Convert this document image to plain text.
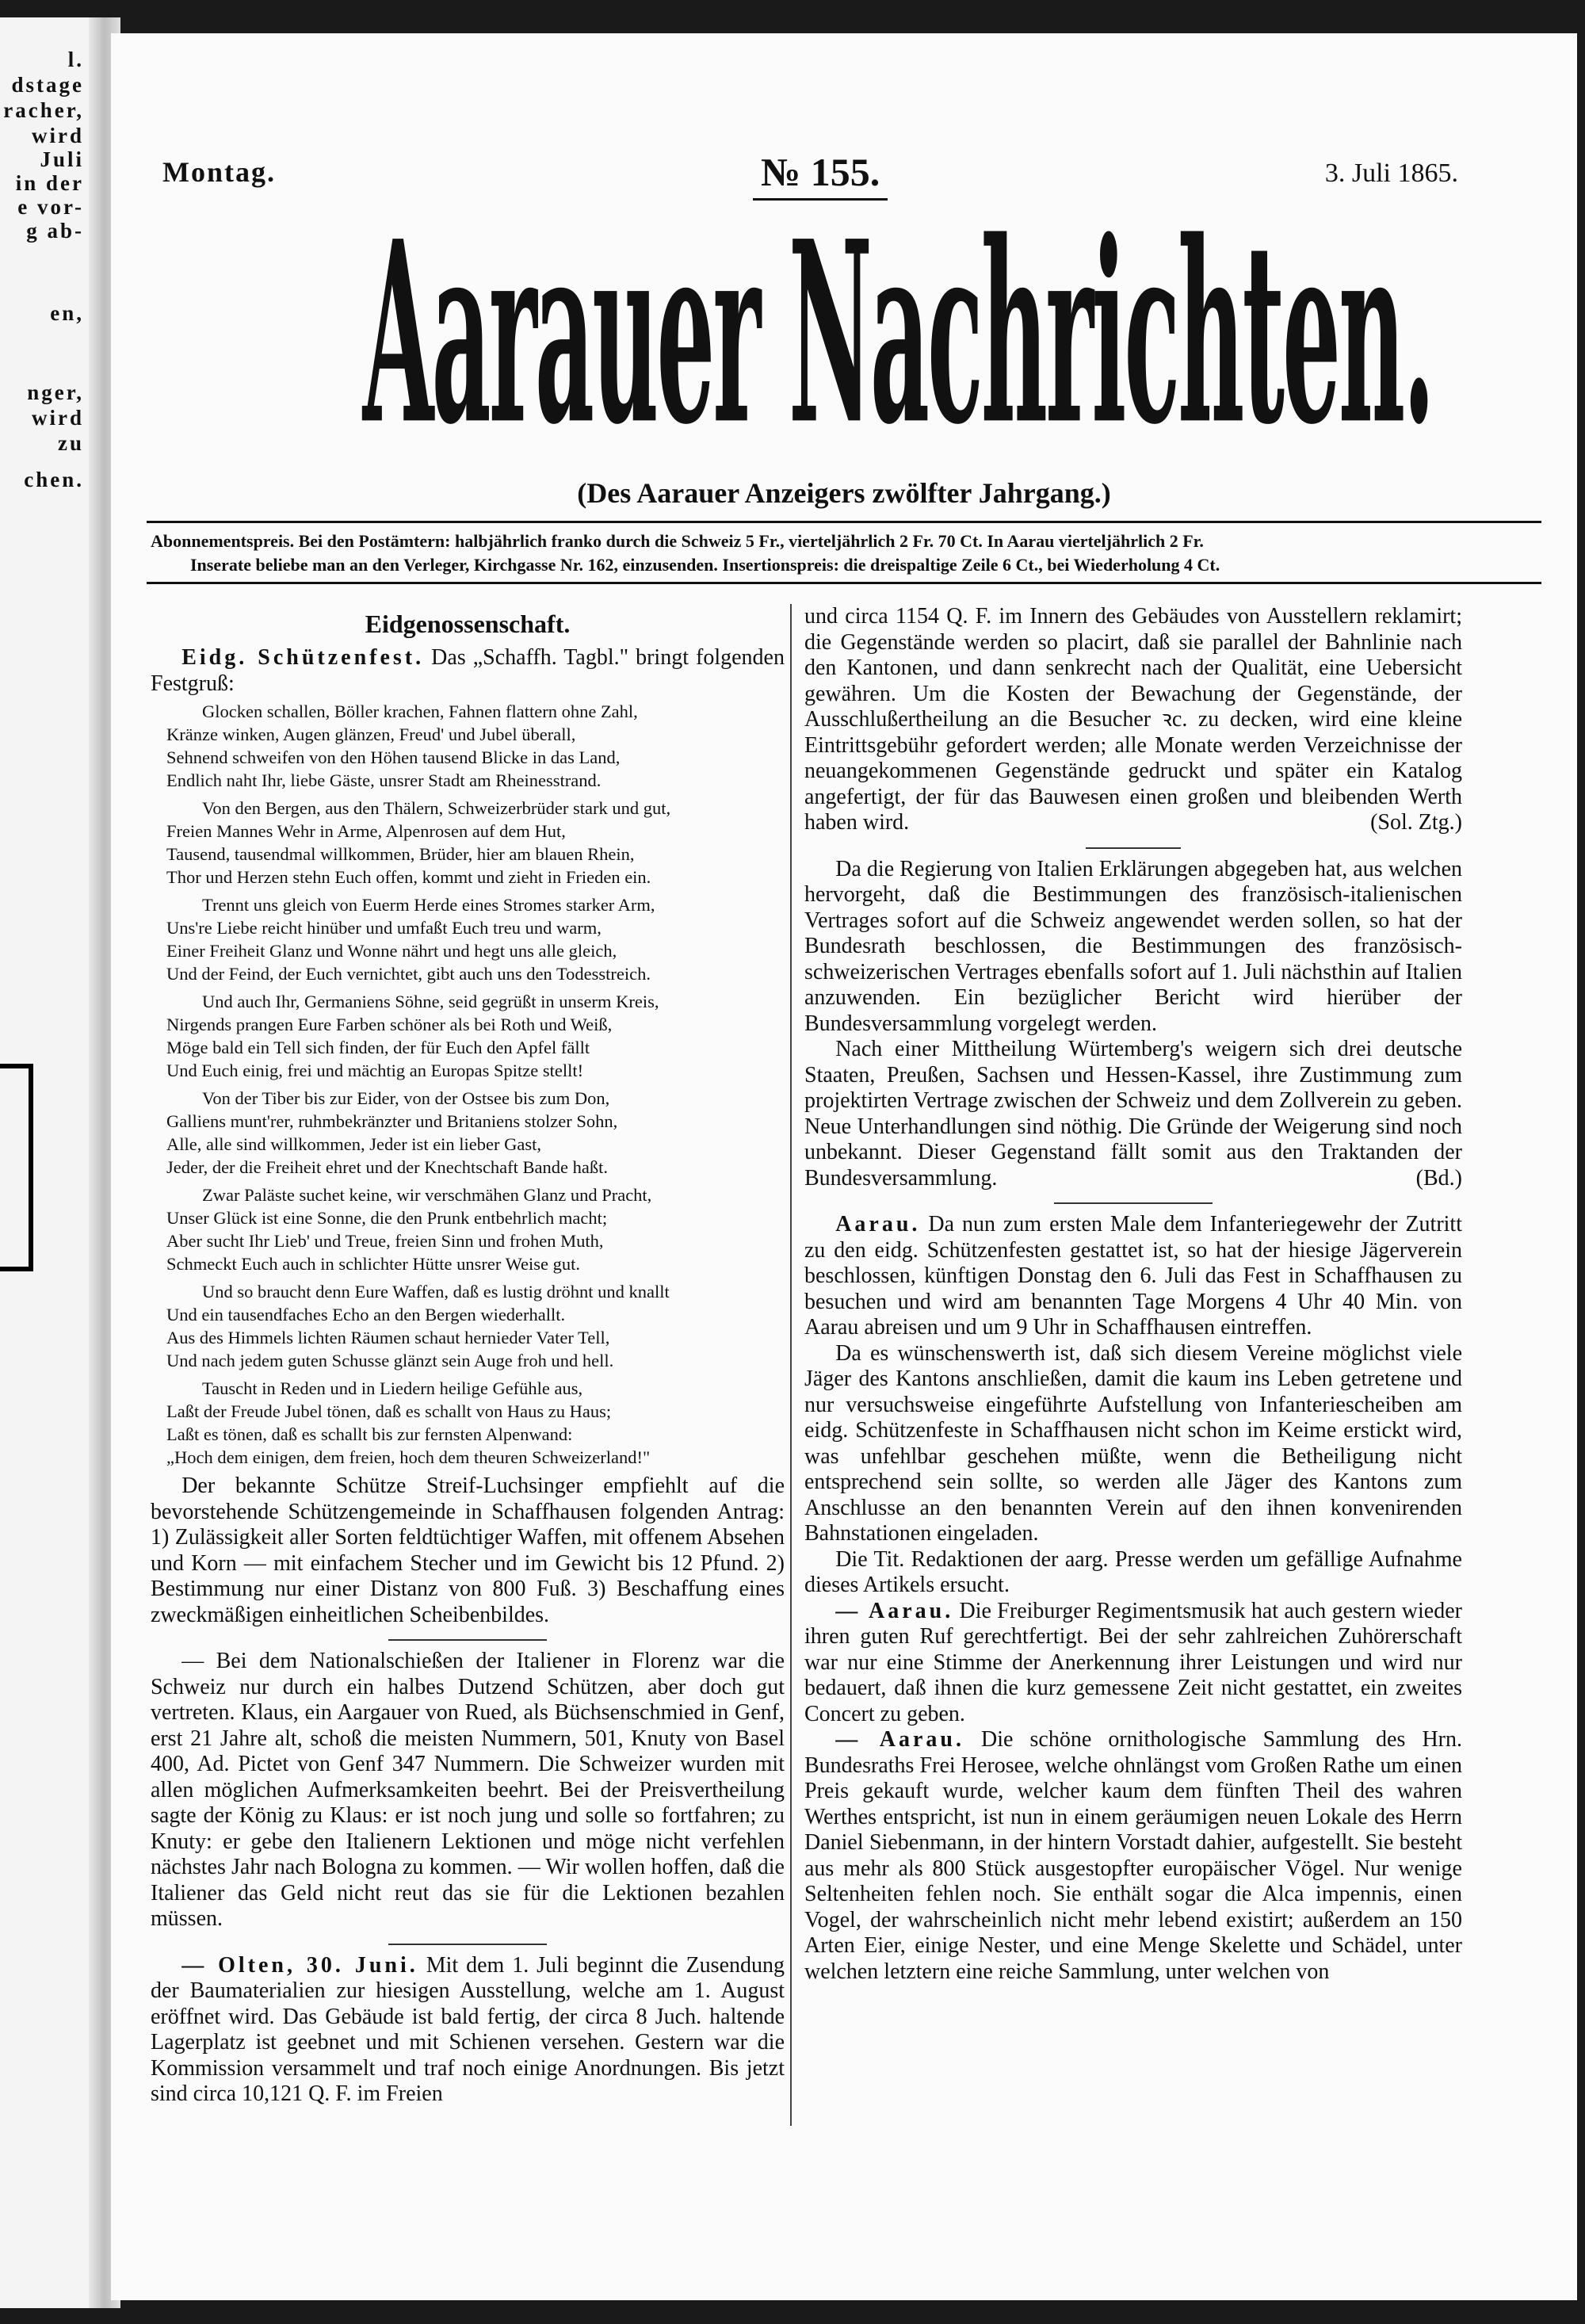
l.
dstage
racher,
wird
Juli
in der
e vor-
g ab-
en,
nger,
wird
zu
chen.
Montag.	№ 155.	3. Juli 1865.
Aarauer Nachrichten.
(Des Aarauer Anzeigers zwölfter Jahrgang.)
Abonnementspreis. Bei den Postämtern: halbjährlich franko durch die Schweiz 5 Fr., vierteljährlich 2 Fr. 70 Ct. In Aarau vierteljährlich 2 Fr.
Inserate beliebe man an den Verleger, Kirchgasse Nr. 162, einzusenden. Insertionspreis: die dreispaltige Zeile 6 Ct., bei Wiederholung 4 Ct.
Eidgenossenschaft.

Eidg. Schützenfest. Das „Schaffh. Tagbl." bringt folgenden Festgruß:

Glocken schallen, Böller krachen, Fahnen flattern ohne Zahl,
Kränze winken, Augen glänzen, Freud' und Jubel überall,
Sehnend schweifen von den Höhen tausend Blicke in das Land,
Endlich naht Ihr, liebe Gäste, unsrer Stadt am Rheinesstrand.
Von den Bergen, aus den Thälern, Schweizerbrüder stark und gut,
Freien Mannes Wehr in Arme, Alpenrosen auf dem Hut,
Tausend, tausendmal willkommen, Brüder, hier am blauen Rhein,
Thor und Herzen stehn Euch offen, kommt und zieht in Frieden ein.
Trennt uns gleich von Euerm Herde eines Stromes starker Arm,
Uns're Liebe reicht hinüber und umfaßt Euch treu und warm,
Einer Freiheit Glanz und Wonne nährt und hegt uns alle gleich,
Und der Feind, der Euch vernichtet, gibt auch uns den Todesstreich.
Und auch Ihr, Germaniens Söhne, seid gegrüßt in unserm Kreis,
Nirgends prangen Eure Farben schöner als bei Roth und Weiß,
Möge bald ein Tell sich finden, der für Euch den Apfel fällt
Und Euch einig, frei und mächtig an Europas Spitze stellt!
Von der Tiber bis zur Eider, von der Ostsee bis zum Don,
Galliens munt'rer, ruhmbekränzter und Britaniens stolzer Sohn,
Alle, alle sind willkommen, Jeder ist ein lieber Gast,
Jeder, der die Freiheit ehret und der Knechtschaft Bande haßt.
Zwar Paläste suchet keine, wir verschmähen Glanz und Pracht,
Unser Glück ist eine Sonne, die den Prunk entbehrlich macht;
Aber sucht Ihr Lieb' und Treue, freien Sinn und frohen Muth,
Schmeckt Euch auch in schlichter Hütte unsrer Weise gut.
Und so braucht denn Eure Waffen, daß es lustig dröhnt und knallt
Und ein tausendfaches Echo an den Bergen wiederhallt.
Aus des Himmels lichten Räumen schaut hernieder Vater Tell,
Und nach jedem guten Schusse glänzt sein Auge froh und hell.
Tauscht in Reden und in Liedern heilige Gefühle aus,
Laßt der Freude Jubel tönen, daß es schallt von Haus zu Haus;
Laßt es tönen, daß es schallt bis zur fernsten Alpenwand:
„Hoch dem einigen, dem freien, hoch dem theuren Schweizerland!"

Der bekannte Schütze Streif-Luchsinger empfiehlt auf die bevorstehende Schützengemeinde in Schaffhausen folgenden Antrag: 1) Zulässigkeit aller Sorten feldtüchtiger Waffen, mit offenem Absehen und Korn — mit einfachem Stecher und im Gewicht bis 12 Pfund. 2) Bestimmung nur einer Distanz von 800 Fuß. 3) Beschaffung eines zweckmäßigen einheitlichen Scheibenbildes.

— Bei dem Nationalschießen der Italiener in Florenz war die Schweiz nur durch ein halbes Dutzend Schützen, aber doch gut vertreten. Klaus, ein Aargauer von Rued, als Büchsenschmied in Genf, erst 21 Jahre alt, schoß die meisten Nummern, 501, Knuty von Basel 400, Ad. Pictet von Genf 347 Nummern. Die Schweizer wurden mit allen möglichen Aufmerksamkeiten beehrt. Bei der Preisvertheilung sagte der König zu Klaus: er ist noch jung und solle so fortfahren; zu Knuty: er gebe den Italienern Lektionen und möge nicht verfehlen nächstes Jahr nach Bologna zu kommen. — Wir wollen hoffen, daß die Italiener das Geld nicht reut das sie für die Lektionen bezahlen müssen.

— Olten, 30. Juni. Mit dem 1. Juli beginnt die Zusendung der Baumaterialien zur hiesigen Ausstellung, welche am 1. August eröffnet wird. Das Gebäude ist bald fertig, der circa 8 Juch. haltende Lagerplatz ist geebnet und mit Schienen versehen. Gestern war die Kommission versammelt und traf noch einige Anordnungen. Bis jetzt sind circa 10,121 Q. F. im Freien

und circa 1154 Q. F. im Innern des Gebäudes von Ausstellern reklamirt; die Gegenstände werden so placirt, daß sie parallel der Bahnlinie nach den Kantonen, und dann senkrecht nach der Qualität, eine Uebersicht gewähren. Um die Kosten der Bewachung der Gegenstände, der Ausschlußertheilung an die Besucher ꝛc. zu decken, wird eine kleine Eintrittsgebühr gefordert werden; alle Monate werden Verzeichnisse der neuangekommenen Gegenstände gedruckt und später ein Katalog angefertigt, der für das Bauwesen einen großen und bleibenden Werth haben wird.	(Sol. Ztg.)

Da die Regierung von Italien Erklärungen abgegeben hat, aus welchen hervorgeht, daß die Bestimmungen des französisch-italienischen Vertrages sofort auf die Schweiz angewendet werden sollen, so hat der Bundesrath beschlossen, die Bestimmungen des französisch-schweizerischen Vertrages ebenfalls sofort auf 1. Juli nächsthin auf Italien anzuwenden. Ein bezüglicher Bericht wird hierüber der Bundesversammlung vorgelegt werden.

Nach einer Mittheilung Würtemberg's weigern sich drei deutsche Staaten, Preußen, Sachsen und Hessen-Kassel, ihre Zustimmung zum projektirten Vertrage zwischen der Schweiz und dem Zollverein zu geben. Neue Unterhandlungen sind nöthig. Die Gründe der Weigerung sind noch unbekannt. Dieser Gegenstand fällt somit aus den Traktanden der Bundesversammlung.	(Bd.)

Aarau. Da nun zum ersten Male dem Infanteriegewehr der Zutritt zu den eidg. Schützenfesten gestattet ist, so hat der hiesige Jägerverein beschlossen, künftigen Donstag den 6. Juli das Fest in Schaffhausen zu besuchen und wird am benannten Tage Morgens 4 Uhr 40 Min. von Aarau abreisen und um 9 Uhr in Schaffhausen eintreffen.

Da es wünschenswerth ist, daß sich diesem Vereine möglichst viele Jäger des Kantons anschließen, damit die kaum ins Leben getretene und nur versuchsweise eingeführte Aufstellung von Infanteriescheiben am eidg. Schützenfeste in Schaffhausen nicht schon im Keime erstickt wird, was unfehlbar geschehen müßte, wenn die Betheiligung nicht entsprechend sein sollte, so werden alle Jäger des Kantons zum Anschlusse an den benannten Verein auf den ihnen konvenirenden Bahnstationen eingeladen.

Die Tit. Redaktionen der aarg. Presse werden um gefällige Aufnahme dieses Artikels ersucht.

— Aarau. Die Freiburger Regimentsmusik hat auch gestern wieder ihren guten Ruf gerechtfertigt. Bei der sehr zahlreichen Zuhörerschaft war nur eine Stimme der Anerkennung ihrer Leistungen und wird nur bedauert, daß ihnen die kurz gemessene Zeit nicht gestattet, ein zweites Concert zu geben.

— Aarau. Die schöne ornithologische Sammlung des Hrn. Bundesraths Frei Herosee, welche ohnlängst vom Großen Rathe um einen Preis gekauft wurde, welcher kaum dem fünften Theil des wahren Werthes entspricht, ist nun in einem geräumigen neuen Lokale des Herrn Daniel Siebenmann, in der hintern Vorstadt dahier, aufgestellt. Sie besteht aus mehr als 800 Stück ausgestopfter europäischer Vögel. Nur wenige Seltenheiten fehlen noch. Sie enthält sogar die Alca impennis, einen Vogel, der wahrscheinlich nicht mehr lebend existirt; außerdem an 150 Arten Eier, einige Nester, und eine Menge Skelette und Schädel, unter welchen letztern eine reiche Sammlung, unter welchen von
